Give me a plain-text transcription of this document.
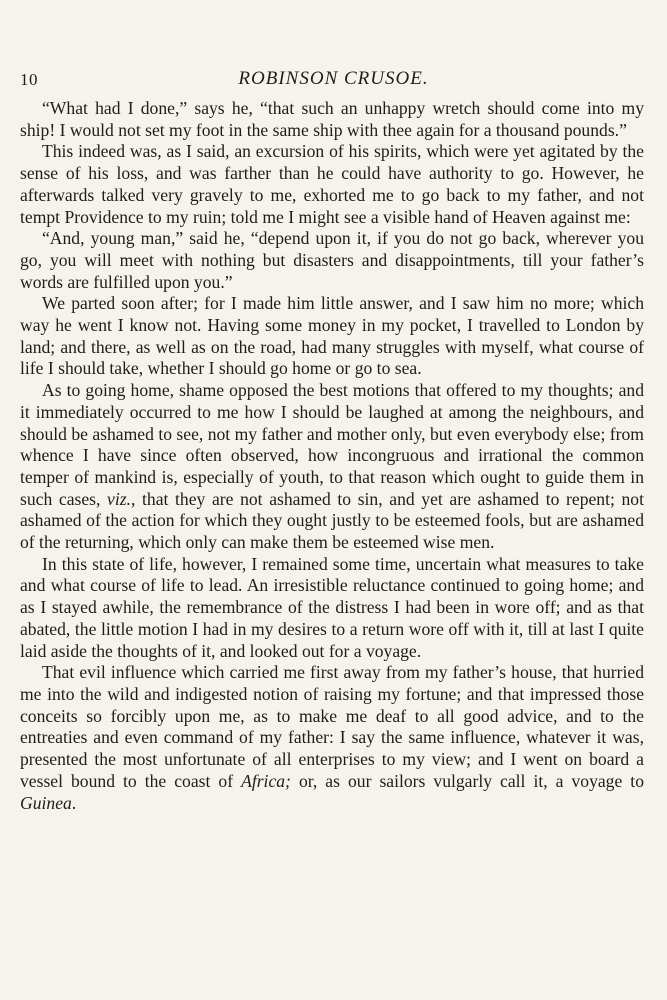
10	ROBINSON CRUSOE.

“What had I done,” says he, “that such an unhappy wretch should come into my ship! I would not set my foot in the same ship with thee again for a thousand pounds.”

This indeed was, as I said, an excursion of his spirits, which were yet agitated by the sense of his loss, and was farther than he could have authority to go. However, he afterwards talked very gravely to me, exhorted me to go back to my father, and not tempt Providence to my ruin; told me I might see a visible hand of Heaven against me:

“And, young man,” said he, “depend upon it, if you do not go back, wherever you go, you will meet with nothing but disasters and disappointments, till your father’s words are fulfilled upon you.”

We parted soon after; for I made him little answer, and I saw him no more; which way he went I know not. Having some money in my pocket, I travelled to London by land; and there, as well as on the road, had many struggles with myself, what course of life I should take, whether I should go home or go to sea.

As to going home, shame opposed the best motions that offered to my thoughts; and it immediately occurred to me how I should be laughed at among the neighbours, and should be ashamed to see, not my father and mother only, but even everybody else; from whence I have since often observed, how incongruous and irrational the common temper of mankind is, especially of youth, to that reason which ought to guide them in such cases, viz., that they are not ashamed to sin, and yet are ashamed to repent; not ashamed of the action for which they ought justly to be esteemed fools, but are ashamed of the returning, which only can make them be esteemed wise men.

In this state of life, however, I remained some time, uncertain what measures to take and what course of life to lead. An irresistible reluctance continued to going home; and as I stayed awhile, the remembrance of the distress I had been in wore off; and as that abated, the little motion I had in my desires to a return wore off with it, till at last I quite laid aside the thoughts of it, and looked out for a voyage.

That evil influence which carried me first away from my father’s house, that hurried me into the wild and indigested notion of raising my fortune; and that impressed those conceits so forcibly upon me, as to make me deaf to all good advice, and to the entreaties and even command of my father: I say the same influence, whatever it was, presented the most unfortunate of all enterprises to my view; and I went on board a vessel bound to the coast of Africa; or, as our sailors vulgarly call it, a voyage to Guinea.
